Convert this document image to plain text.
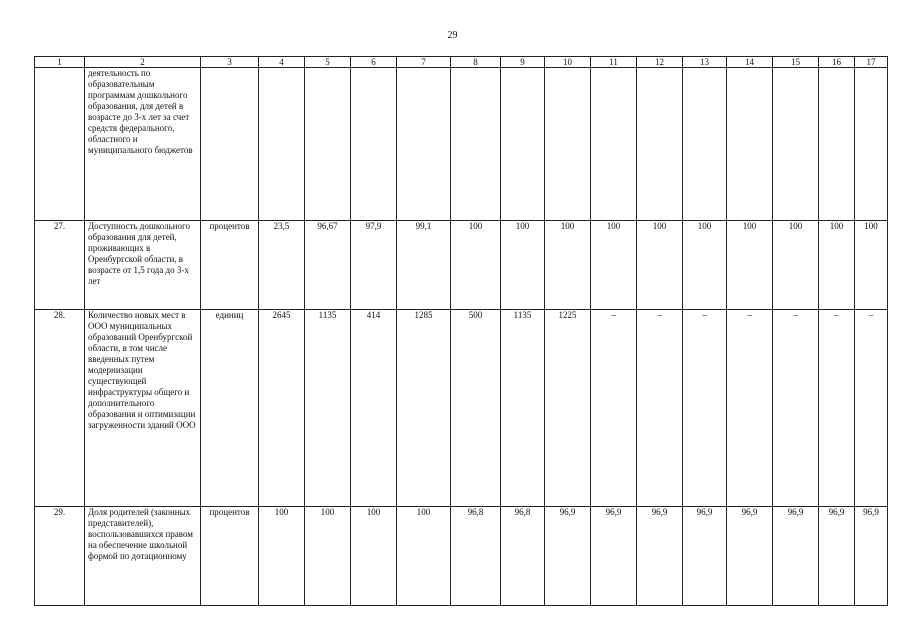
29
1	2	3	4	5	6	7	8	9	10	11	12	13	14	15	16	17
	деятельность по образовательным программам дошкольного образования, для детей в возрасте до 3-х лет за счет средств федерального, областного и муниципального бюджетов															
27.	Доступность дошкольного образования для детей, проживающих в Оренбургской области, в возрасте от 1,5 года до 3-х лет	процентов	23,5	96,67	97,9	99,1	100	100	100	100	100	100	100	100	100	100
28.	Количество новых мест в ООО муниципальных образований Оренбургской области, в том числе введенных путем модернизации существующей инфраструктуры общего и дополнительного образования и оптимизации загруженности зданий ООО	единиц	2645	1135	414	1285	500	1135	1225	–	–	–	–	–	–	–
29.	Доля родителей (законных представителей), воспользовавшихся правом на обеспечение школьной формой по дотационному	процентов	100	100	100	100	96,8	96,8	96,9	96,9	96,9	96,9	96,9	96,9	96,9	96,9
